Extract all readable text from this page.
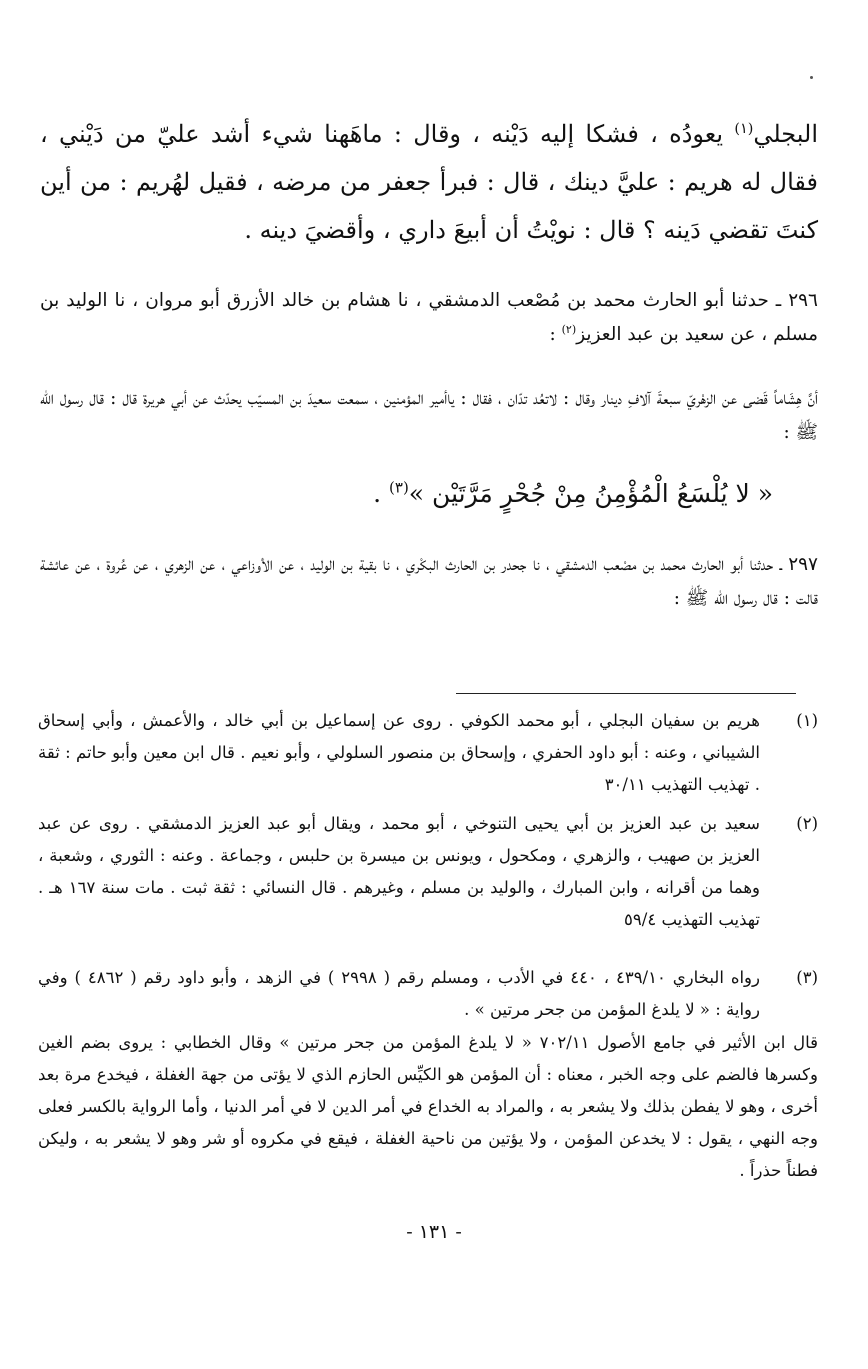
البجلي$^{(١)}$ يعودُه ، فشكا إليه دَيْنه ، وقال : ماهَهنا شيء أشد عليّ من دَيْني ، فقال له هريم : عليَّ دينك ، قال : فبرأ جعفر من مرضه ، فقيل لهُريم : من أين كنتَ تقضي دَينه ؟ قال : نويْتُ أن أبيعَ داري ، وأقضيَ دينه .

٢٩٦ ـ حدثنا أبو الحارث محمد بن مُصْعب الدمشقي ، نا هشام بن خالد الأزرق أبو مروان ، نا الوليد بن مسلم ، عن سعيد بن عبد العزيز$^{(٢)}$ :

أنَّ هِشَاماً قَضى عن الزهْريّ سبعةَ آلافِ دينار وقال : لاتعُد تدّان ، فقال : ياأمير المؤمنين ، سمعت سعيدَ بن المسيّب يحدّث عن أبي هريرة قال : قال رسول الله ﷺ :

« لا يُلْسَعُ الْمُؤْمِنُ مِنْ جُحْرٍ مَرَّتَيْن »$^{(٣)}$ .

٢٩٧ ـ حدثنا أبو الحارث محمد بن مصْعب الدمشقي ، نا جحدر بن الحارث البكْري ، نا بقية بن الوليد ، عن الأوزاعي ، عن الزهري ، عن عُروة ، عن عائشة قالت : قال رسول الله ﷺ :

(١)
هريم بن سفيان البجلي ، أبو محمد الكوفي . روى عن إسماعيل بن أبي خالد ، والأعمش ، وأبي إسحاق الشيباني ، وعنه : أبو داود الحفري ، وإسحاق بن منصور السلولي ، وأبو نعيم . قال ابن معين وأبو حاتم : ثقة . تهذيب التهذيب ٣٠/١١
(٢)
سعيد بن عبد العزيز بن أبي يحيى التنوخي ، أبو محمد ، ويقال أبو عبد العزيز الدمشقي . روى عن عبد العزيز بن صهيب ، والزهري ، ومكحول ، ويونس بن ميسرة بن حلبس ، وجماعة . وعنه : الثوري ، وشعبة ، وهما من أقرانه ، وابن المبارك ، والوليد بن مسلم ، وغيرهم . قال النسائي : ثقة ثبت . مات سنة ١٦٧ هـ . تهذيب التهذيب ٥٩/٤
(٣)
رواه البخاري ٤٣٩/١٠ ، ٤٤٠ في الأدب ، ومسلم رقم ( ٢٩٩٨ ) في الزهد ، وأبو داود رقم ( ٤٨٦٢ ) وفي رواية : « لا يلدغ المؤمن من جحر مرتين » .

قال ابن الأثير في جامع الأصول ٧٠٢/١١ « لا يلدغ المؤمن من جحر مرتين » وقال الخطابي : يروى بضم الغين وكسرها فالضم على وجه الخبر ، معناه : أن المؤمن هو الكيِّس الحازم الذي لا يؤتى من جهة الغفلة ، فيخدع مرة بعد أخرى ، وهو لا يفطن بذلك ولا يشعر به ، والمراد به الخداع في أمر الدين لا في أمر الدنيا ، وأما الرواية بالكسر فعلى وجه النهي ، يقول : لا يخدعن المؤمن ، ولا يؤتين من ناحية الغفلة ، فيقع في مكروه أو شر وهو لا يشعر به ، وليكن فطناً حذراً .

- ١٣١ -
